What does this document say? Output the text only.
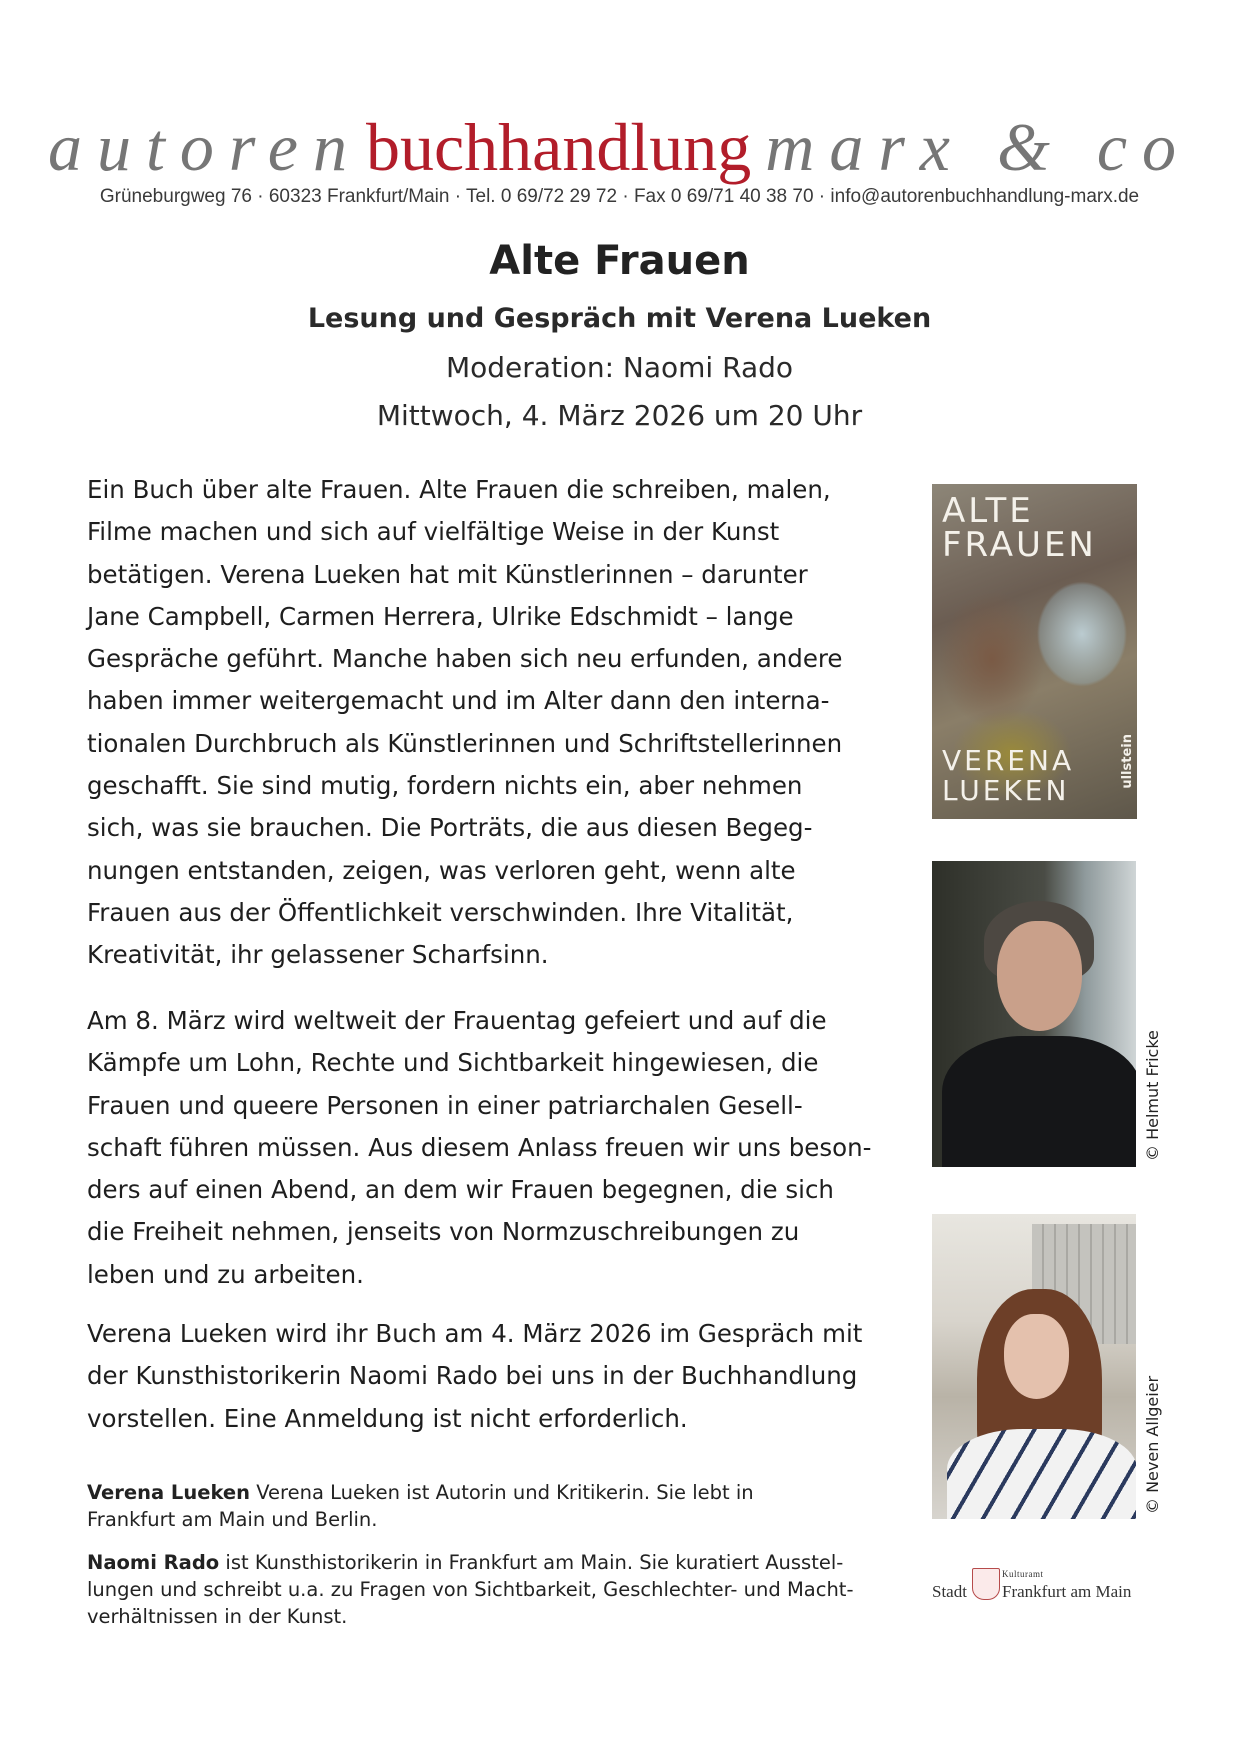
autorenbuchhandlung marx & co
Grüneburgweg 76 · 60323 Frankfurt/Main · Tel. 0 69/72 29 72 · Fax 0 69/71 40 38 70 · info@autorenbuchhandlung-marx.de
Alte Frauen
Lesung und Gespräch mit Verena Lueken
Moderation: Naomi Rado
Mittwoch, 4. März 2026 um 20 Uhr

Ein Buch über alte Frauen. Alte Frauen die schreiben, malen,
Filme machen und sich auf vielfältige Weise in der Kunst
betätigen. Verena Lueken hat mit Künstlerinnen – darunter
Jane Campbell, Carmen Herrera, Ulrike Edschmidt – lange
Gespräche geführt. Manche haben sich neu erfunden, andere
haben immer weitergemacht und im Alter dann den interna-
tionalen Durchbruch als Künstlerinnen und Schriftstellerinnen
geschafft. Sie sind mutig, fordern nichts ein, aber nehmen
sich, was sie brauchen. Die Porträts, die aus diesen Begeg-
nungen entstanden, zeigen, was verloren geht, wenn alte
Frauen aus der Öffentlichkeit verschwinden. Ihre Vitalität,
Kreativität, ihr gelassener Scharfsinn.

Am 8. März wird weltweit der Frauentag gefeiert und auf die
Kämpfe um Lohn, Rechte und Sichtbarkeit hingewiesen, die
Frauen und queere Personen in einer patriarchalen Gesell-
schaft führen müssen. Aus diesem Anlass freuen wir uns beson-
ders auf einen Abend, an dem wir Frauen begegnen, die sich
die Freiheit nehmen, jenseits von Normzuschreibungen zu
leben und zu arbeiten.

Verena Lueken wird ihr Buch am 4. März 2026 im Gespräch mit
der Kunsthistorikerin Naomi Rado bei uns in der Buchhandlung
vorstellen. Eine Anmeldung ist nicht erforderlich.

Verena Lueken Verena Lueken ist Autorin und Kritikerin. Sie lebt in
Frankfurt am Main und Berlin.
Naomi Rado ist Kunsthistorikerin in Frankfurt am Main. Sie kuratiert Ausstel-
lungen und schreibt u.a. zu Fragen von Sichtbarkeit, Geschlechter- und Macht-
verhältnissen in der Kunst.
ALTE
FRAUEN
VERENA
LUEKEN
ullstein
© Helmut Fricke
© Neven Allgeier
Stadt
Kulturamt
Frankfurt am Main
